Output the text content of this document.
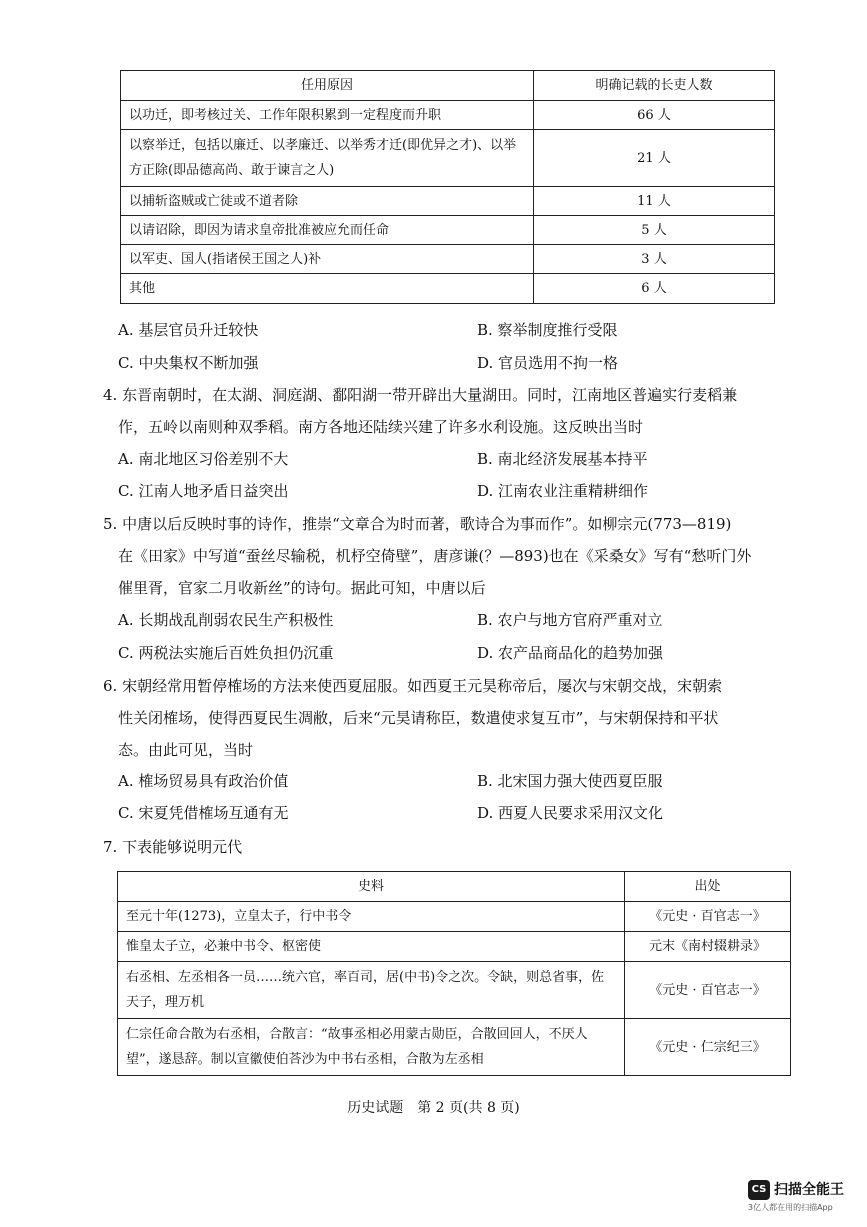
任用原因	明确记载的长吏人数
以功迁，即考核过关、工作年限积累到一定程度而升职	66 人
以察举迁，包括以廉迁、以孝廉迁、以举秀才迁(即优异之才)、以举方正除(即品德高尚、敢于谏言之人)	21 人
以捕斩盗贼或亡徒或不道者除	11 人
以请诏除，即因为请求皇帝批准被应允而任命	5 人
以军吏、国人(指诸侯王国之人)补	3 人
其他	6 人
A. 基层官员升迁较快	B. 察举制度推行受限
C. 中央集权不断加强	D. 官员选用不拘一格
4. 东晋南朝时，在太湖、洞庭湖、鄱阳湖一带开辟出大量湖田。同时，江南地区普遍实行麦稻兼
作，五岭以南则种双季稻。南方各地还陆续兴建了许多水利设施。这反映出当时
A. 南北地区习俗差别不大	B. 南北经济发展基本持平
C. 江南人地矛盾日益突出	D. 江南农业注重精耕细作
5. 中唐以后反映时事的诗作，推崇“文章合为时而著，歌诗合为事而作”。如柳宗元(773—819)
在《田家》中写道“蚕丝尽输税，机杼空倚壁”，唐彦谦(？—893)也在《采桑女》写有“愁听门外
催里胥，官家二月收新丝”的诗句。据此可知，中唐以后
A. 长期战乱削弱农民生产积极性	B. 农户与地方官府严重对立
C. 两税法实施后百姓负担仍沉重	D. 农产品商品化的趋势加强
6. 宋朝经常用暂停榷场的方法来使西夏屈服。如西夏王元昊称帝后，屡次与宋朝交战，宋朝索
性关闭榷场，使得西夏民生凋敝，后来“元昊请称臣，数遣使求复互市”，与宋朝保持和平状
态。由此可见，当时
A. 榷场贸易具有政治价值	B. 北宋国力强大使西夏臣服
C. 宋夏凭借榷场互通有无	D. 西夏人民要求采用汉文化
7. 下表能够说明元代
史料	出处
至元十年(1273)，立皇太子，行中书令	《元史 · 百官志一》
惟皇太子立，必兼中书令、枢密使	元末《南村辍耕录》
右丞相、左丞相各一员……统六官，率百司，居(中书)令之次。令缺，则总省事，佐天子，理万机	《元史 · 百官志一》
仁宗任命合散为右丞相，合散言：“故事丞相必用蒙古勋臣，合散回回人，不厌人望”，遂恳辞。制以宣徽使伯荅沙为中书右丞相，合散为左丞相	《元史 · 仁宗纪三》
历史试题　第 2 页(共 8 页)
CS 扫描全能王
3亿人都在用的扫描App
